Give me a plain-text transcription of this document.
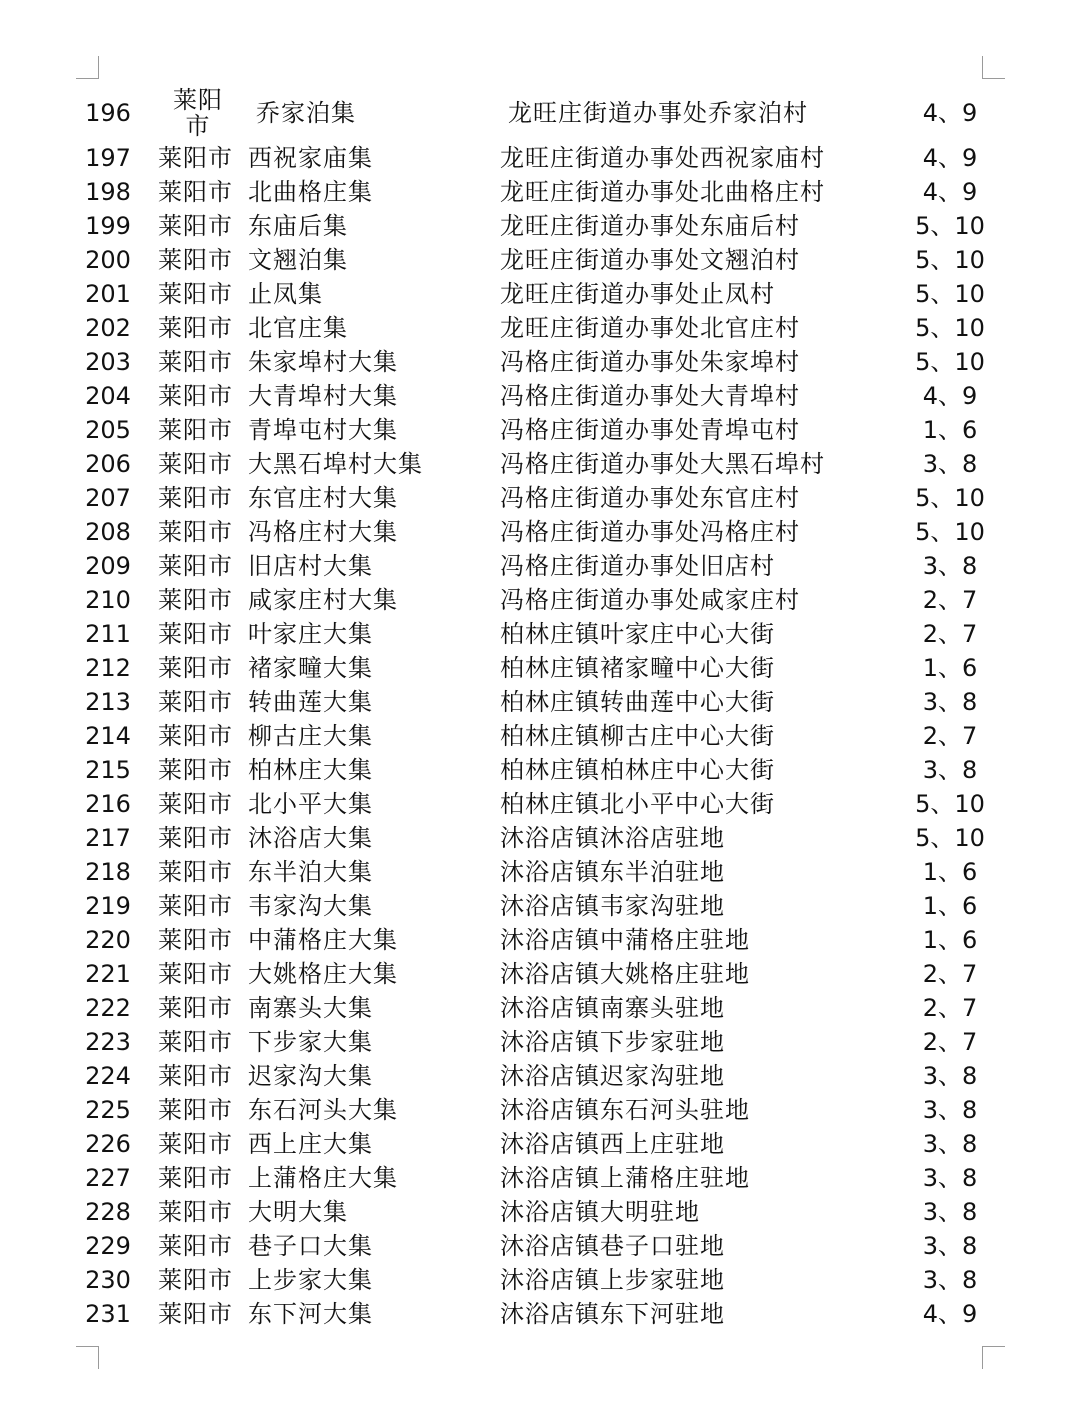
196 莱阳市	乔家泊集	龙旺庄街道办事处乔家泊村	4、9
197 莱阳市 西祝家庙集	龙旺庄街道办事处西祝家庙村	4、9
198 莱阳市 北曲格庄集	龙旺庄街道办事处北曲格庄村	4、9
199 莱阳市 东庙后集	龙旺庄街道办事处东庙后村	5、10
200 莱阳市 文翘泊集	龙旺庄街道办事处文翘泊村	5、10
201 莱阳市 止凤集	龙旺庄街道办事处止凤村	5、10
202 莱阳市 北官庄集	龙旺庄街道办事处北官庄村	5、10
203 莱阳市 朱家埠村大集	冯格庄街道办事处朱家埠村	5、10
204 莱阳市 大青埠村大集	冯格庄街道办事处大青埠村	4、9
205 莱阳市 青埠屯村大集	冯格庄街道办事处青埠屯村	1、6
206 莱阳市 大黑石埠村大集	冯格庄街道办事处大黑石埠村	3、8
207 莱阳市 东官庄村大集	冯格庄街道办事处东官庄村	5、10
208 莱阳市 冯格庄村大集	冯格庄街道办事处冯格庄村	5、10
209 莱阳市 旧店村大集	冯格庄街道办事处旧店村	3、8
210 莱阳市 咸家庄村大集	冯格庄街道办事处咸家庄村	2、7
211 莱阳市 叶家庄大集	柏林庄镇叶家庄中心大街	2、7
212 莱阳市 褚家疃大集	柏林庄镇褚家疃中心大街	1、6
213 莱阳市 转曲莲大集	柏林庄镇转曲莲中心大街	3、8
214 莱阳市 柳古庄大集	柏林庄镇柳古庄中心大街	2、7
215 莱阳市 柏林庄大集	柏林庄镇柏林庄中心大街	3、8
216 莱阳市 北小平大集	柏林庄镇北小平中心大街	5、10
217 莱阳市 沐浴店大集	沐浴店镇沐浴店驻地	5、10
218 莱阳市 东半泊大集	沐浴店镇东半泊驻地	1、6
219 莱阳市 韦家沟大集	沐浴店镇韦家沟驻地	1、6
220 莱阳市 中蒲格庄大集	沐浴店镇中蒲格庄驻地	1、6
221 莱阳市 大姚格庄大集	沐浴店镇大姚格庄驻地	2、7
222 莱阳市 南寨头大集	沐浴店镇南寨头驻地	2、7
223 莱阳市 下步家大集	沐浴店镇下步家驻地	2、7
224 莱阳市 迟家沟大集	沐浴店镇迟家沟驻地	3、8
225 莱阳市 东石河头大集	沐浴店镇东石河头驻地	3、8
226 莱阳市 西上庄大集	沐浴店镇西上庄驻地	3、8
227 莱阳市 上蒲格庄大集	沐浴店镇上蒲格庄驻地	3、8
228 莱阳市 大明大集	沐浴店镇大明驻地	3、8
229 莱阳市 巷子口大集	沐浴店镇巷子口驻地	3、8
230 莱阳市 上步家大集	沐浴店镇上步家驻地	3、8
231 莱阳市 东下河大集	沐浴店镇东下河驻地	4、9
